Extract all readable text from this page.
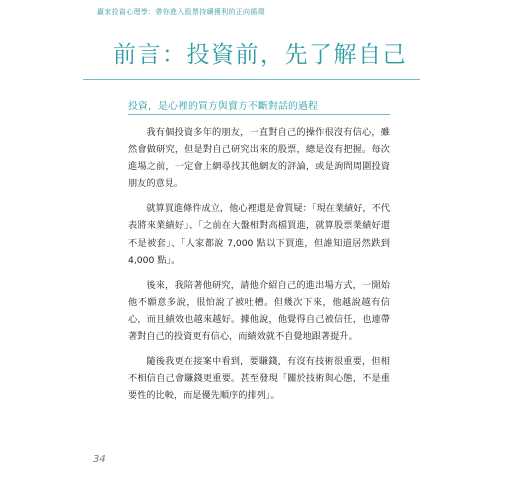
贏家投資心理學：帶你進入股票持續獲利的正向循環
前言：投資前，先了解自己
投資，是心裡的買方與賣方不斷對話的過程

我有個投資多年的朋友，一直對自己的操作很沒有信心，雖然會做研究，但是對自己研究出來的股票，總是沒有把握。每次進場之前，一定會上網尋找其他網友的評論，或是詢問周圍投資朋友的意見。

就算買進條件成立，他心裡還是會質疑：「現在業績好，不代表將來業績好」、「之前在大盤相對高檔買進，就算股票業績好還不是被套」、「人家都說 7,000 點以下買進，但誰知道居然跌到 4,000 點」。

後來，我陪著他研究，請他介紹自己的進出場方式，一開始他不願意多說，很怕說了被吐槽。但幾次下來，他越說越有信心，而且績效也越來越好。據他說，他覺得自己被信任，也連帶著對自己的投資更有信心，而績效就不自覺地跟著提升。

隨後我更在接案中看到，要賺錢，有沒有技術很重要，但相不相信自己會賺錢更重要。甚至發現「關於技術與心態，不是重要性的比較，而是優先順序的排列」。

34
